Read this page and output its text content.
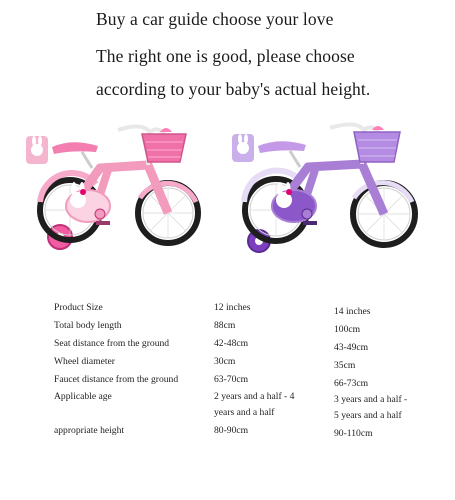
Buy a car guide choose your love
The right one is good, please choose
according to your baby's actual height.
Product Size	12 inches	14 inches
Total body length	88cm	100cm
Seat distance from the ground	42-48cm	43-49cm
Wheel diameter	30cm	35cm
Faucet distance from the ground	63-70cm	66-73cm
Applicable age	2 years and a half - 4	3 years and a half -
years and a half	5 years and a half
appropriate height	80-90cm	90-110cm
